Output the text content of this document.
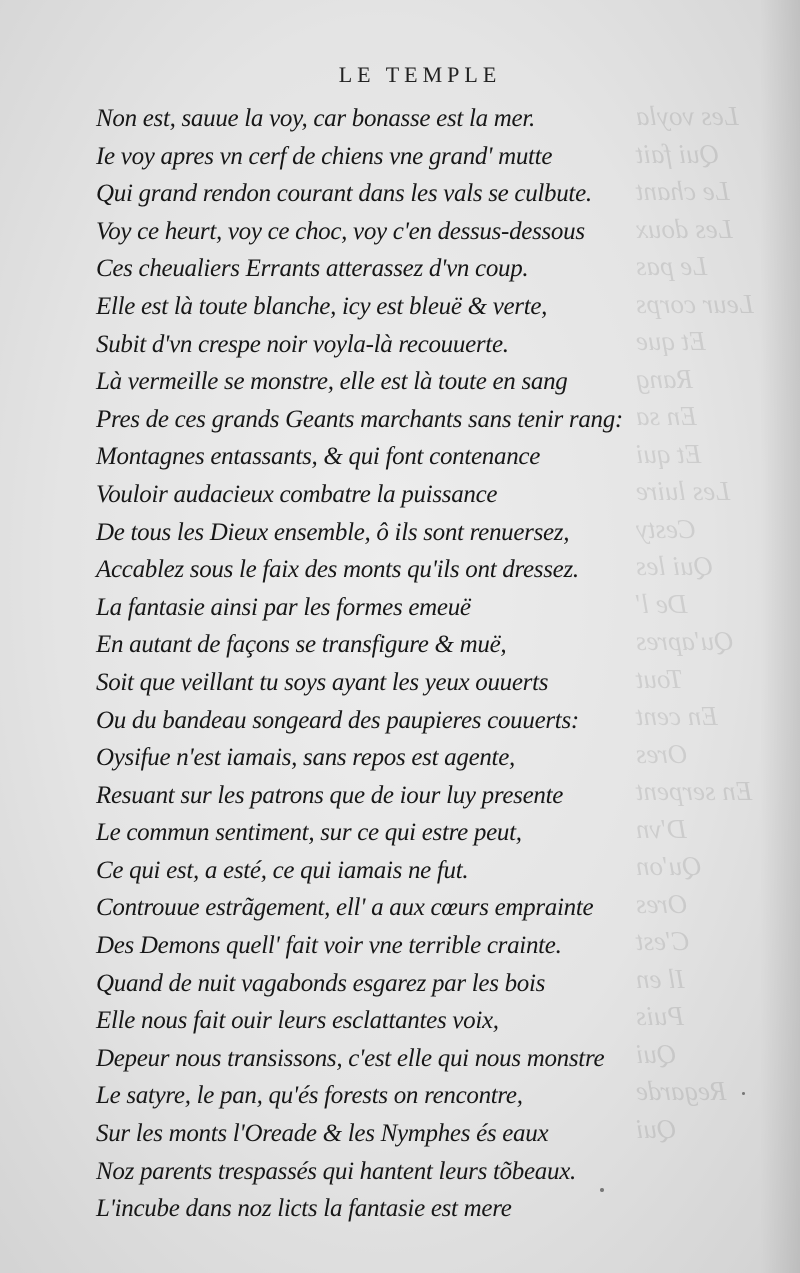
Les voyla
Qui fait
Le chant
Les doux
Le pas
Leur corps
Et que
Rang
En sa
Et qui
Les luire
Cesty
Qui les
De l'
Qu'apres
Tout
En cent
Ores
En serpent
D'vn
Qu'on
Ores
C'est
Il en
Puis
Qui
Regarde
Qui
LE TEMPLE
Non est, sauue la voy, car bonasse est la mer.
Ie voy apres vn cerf de chiens vne grand' mutte
Qui grand rendon courant dans les vals se culbute.
Voy ce heurt, voy ce choc, voy c'en dessus-dessous
Ces cheualiers Errants atterassez d'vn coup.
Elle est là toute blanche, icy est bleuë & verte,
Subit d'vn crespe noir voyla-là recouuerte.
Là vermeille se monstre, elle est là toute en sang
Pres de ces grands Geants marchants sans tenir rang:
Montagnes entassants, & qui font contenance
Vouloir audacieux combatre la puissance
De tous les Dieux ensemble, ô ils sont renuersez,
Accablez sous le faix des monts qu'ils ont dressez.
La fantasie ainsi par les formes emeuë
En autant de façons se transfigure & muë,
Soit que veillant tu soys ayant les yeux ouuerts
Ou du bandeau songeard des paupieres couuerts:
Oysifue n'est iamais, sans repos est agente,
Resuant sur les patrons que de iour luy presente
Le commun sentiment, sur ce qui estre peut,
Ce qui est, a esté, ce qui iamais ne fut.
Controuue estrãgement, ell' a aux cœurs emprainte
Des Demons quell' fait voir vne terrible crainte.
Quand de nuit vagabonds esgarez par les bois
Elle nous fait ouir leurs esclattantes voix,
Depeur nous transissons, c'est elle qui nous monstre
Le satyre, le pan, qu'és forests on rencontre,
Sur les monts l'Oreade & les Nymphes és eaux
Noz parents trespassés qui hantent leurs tõbeaux.
L'incube dans noz licts la fantasie est mere
